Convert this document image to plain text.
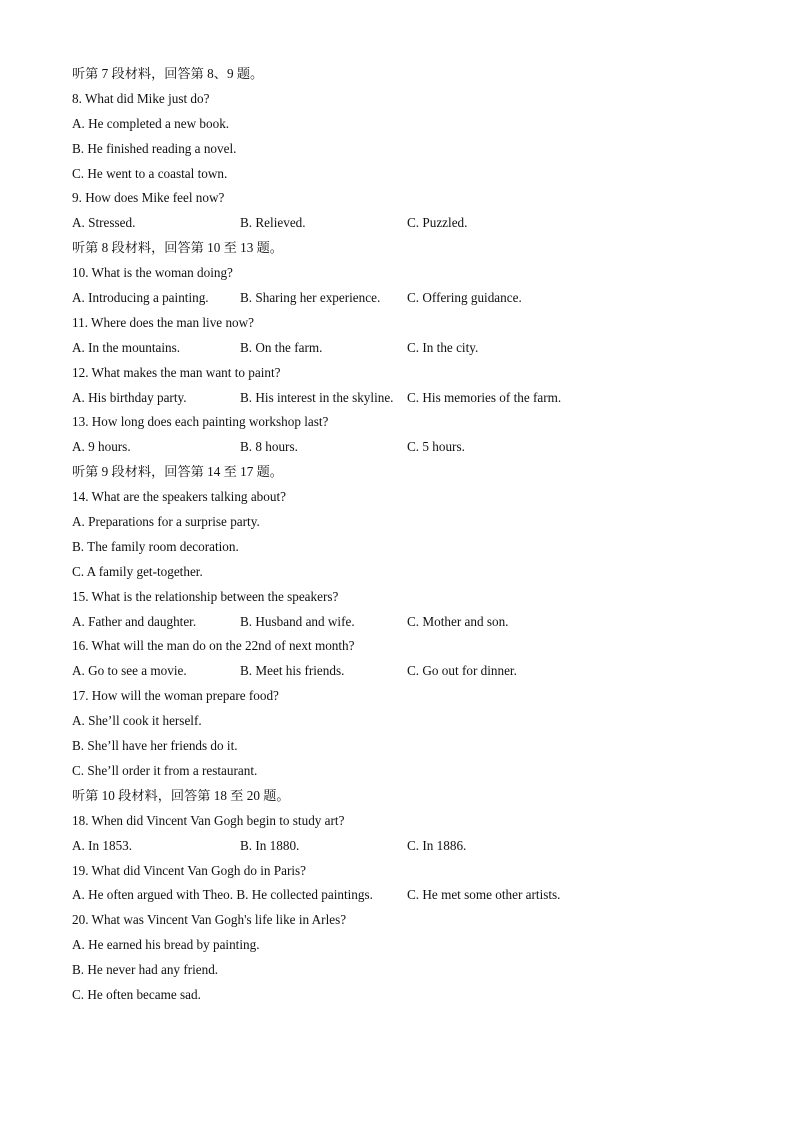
听第 7 段材料，回答第 8、9 题。
8. What did Mike just do?
A. He completed a new book.
B. He finished reading a novel.
C. He went to a coastal town.
9. How does Mike feel now?
A. Stressed.	B. Relieved.	C. Puzzled.
听第 8 段材料，回答第 10 至 13 题。
10. What is the woman doing?
A. Introducing a painting. B. Sharing her experience. C. Offering guidance.
11. Where does the man live now?
A. In the mountains.	B. On the farm.	C. In the city.
12. What makes the man want to paint?
A. His birthday party.	B. His interest in the skyline. C. His memories of the farm.
13. How long does each painting workshop last?
A. 9 hours.	B. 8 hours.	C. 5 hours.
听第 9 段材料，回答第 14 至 17 题。
14. What are the speakers talking about?
A. Preparations for a surprise party.
B. The family room decoration.
C. A family get-together.
15. What is the relationship between the speakers?
A. Father and daughter.	B. Husband and wife.	C. Mother and son.
16. What will the man do on the 22nd of next month?
A. Go to see a movie.	B. Meet his friends.	C. Go out for dinner.
17. How will the woman prepare food?
A. She’ll cook it herself.
B. She’ll have her friends do it.
C. She’ll order it from a restaurant.
听第 10 段材料，回答第 18 至 20 题。
18. When did Vincent Van Gogh begin to study art?
A. In 1853.	B. In 1880.	C. In 1886.
19. What did Vincent Van Gogh do in Paris?
A. He often argued with Theo. B. He collected paintings.	C. He met some other artists.
20. What was Vincent Van Gogh's life like in Arles?
A. He earned his bread by painting.
B. He never had any friend.
C. He often became sad.
